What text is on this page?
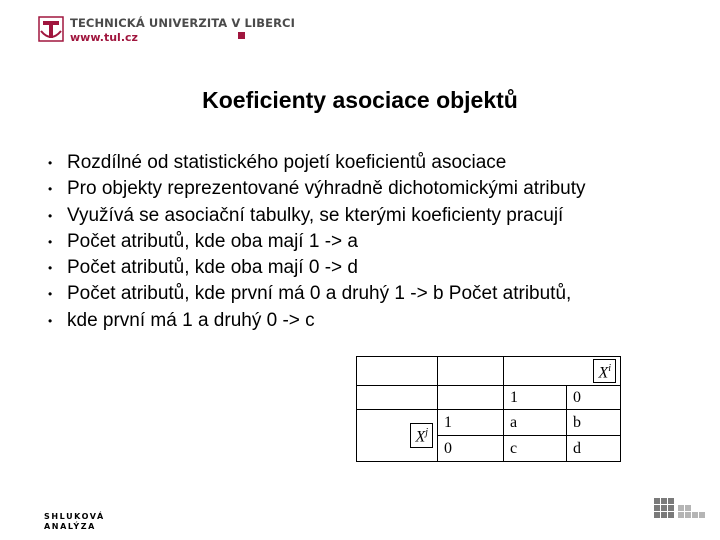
TECHNICKÁ UNIVERZITA V LIBERCI
www.tul.cz
Koeficienty asociace objektů
• Rozdílné od statistického pojetí koeficientů asociace
• Pro objekty reprezentované výhradně dichotomickými atributy
• Využívá se asociační tabulky, se kterými koeficienty pracují
• Počet atributů, kde oba mají 1 -> a
• Počet atributů, kde oba mají 0 -> d
• Počet atributů, kde první má 0 a druhý 1 -> b Počet atributů,
• kde první má 1 a druhý 0 -> c
		$X^i$
		1	0
$X^j$	1	a	b
	0	c	d
SHLUKOVÁ
ANALÝZA
